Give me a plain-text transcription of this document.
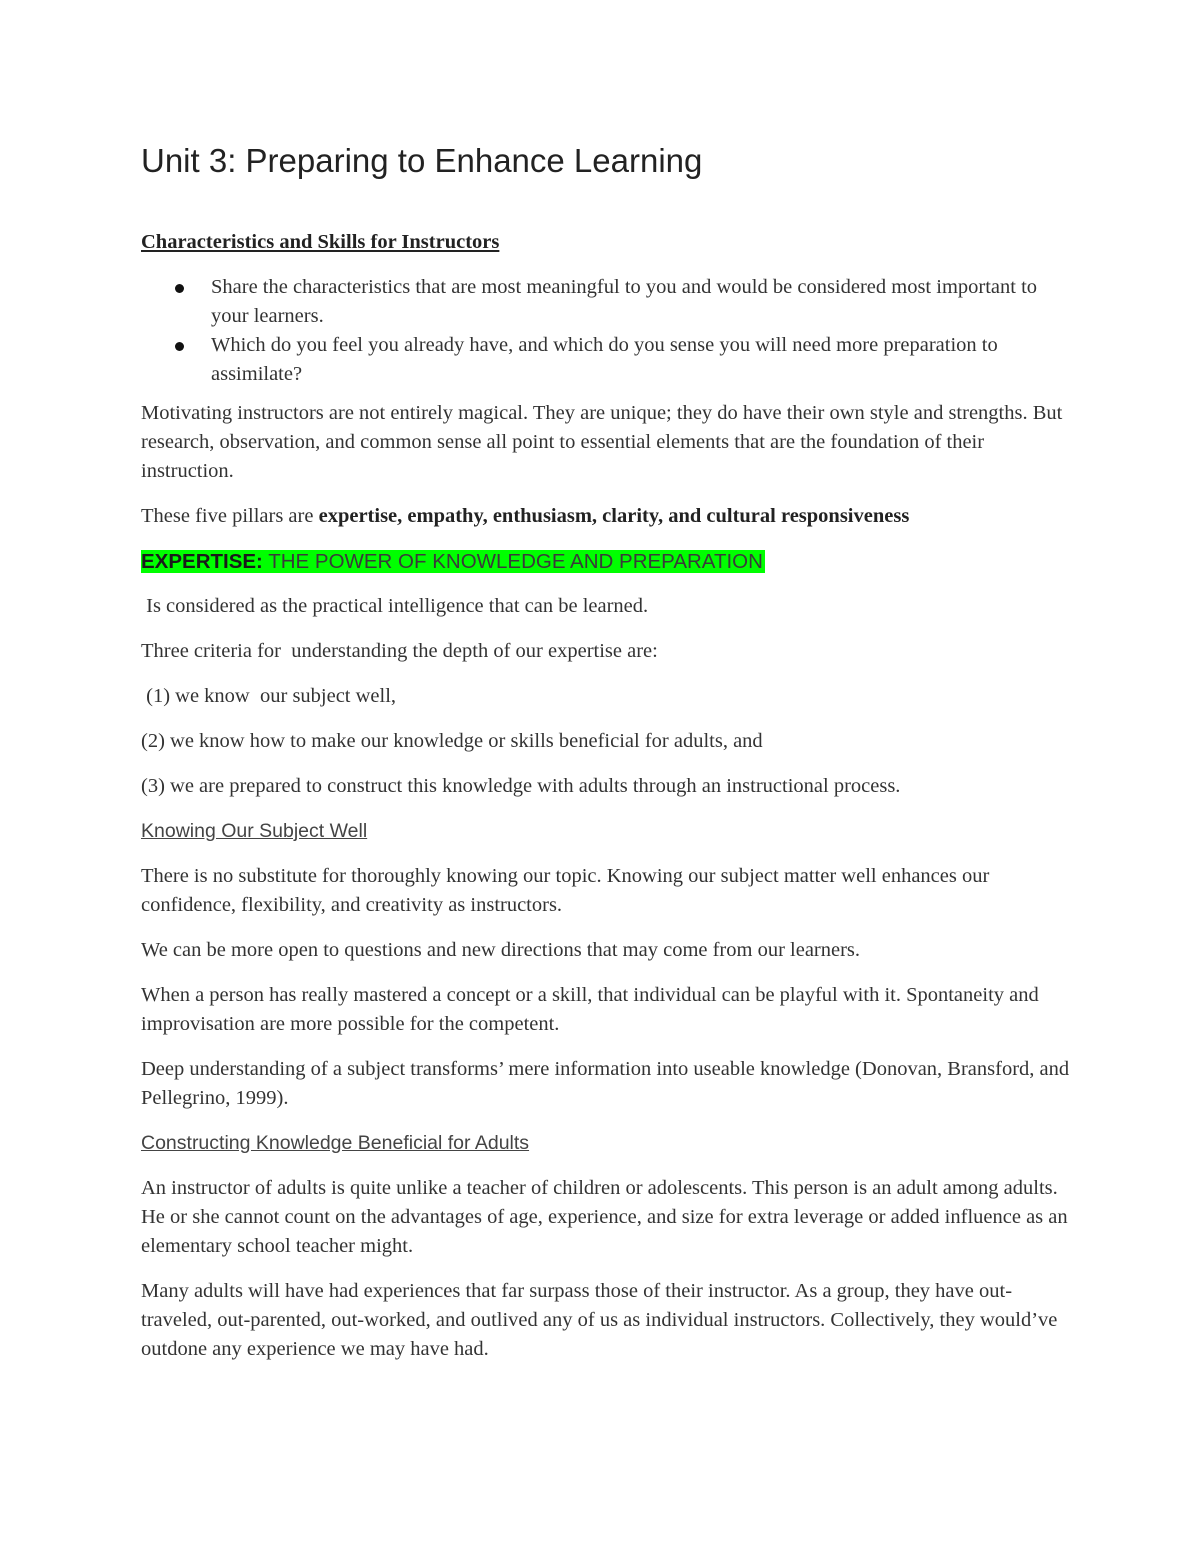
Unit 3: Preparing to Enhance Learning

Characteristics and Skills for Instructors

Share the characteristics that are most meaningful to you and would be considered most important to your learners.
Which do you feel you already have, and which do you sense you will need more preparation to assimilate?

Motivating instructors are not entirely magical. They are unique; they do have their own style and strengths. But research, observation, and common sense all point to essential elements that are the foundation of their instruction.

These five pillars are expertise, empathy, enthusiasm, clarity, and cultural responsiveness

EXPERTISE: THE POWER OF KNOWLEDGE AND PREPARATION

Is considered as the practical intelligence that can be learned.

Three criteria for  understanding the depth of our expertise are:

(1) we know  our subject well,

(2) we know how to make our knowledge or skills beneficial for adults, and

(3) we are prepared to construct this knowledge with adults through an instructional process.

Knowing Our Subject Well

There is no substitute for thoroughly knowing our topic. Knowing our subject matter well enhances our confidence, flexibility, and creativity as instructors.

We can be more open to questions and new directions that may come from our learners.

When a person has really mastered a concept or a skill, that individual can be playful with it. Spontaneity and improvisation are more possible for the competent.

Deep understanding of a subject transforms’ mere information into useable knowledge (Donovan, Bransford, and Pellegrino, 1999).

Constructing Knowledge Beneficial for Adults

An instructor of adults is quite unlike a teacher of children or adolescents. This person is an adult among adults. He or she cannot count on the advantages of age, experience, and size for extra leverage or added influence as an elementary school teacher might.

Many adults will have had experiences that far surpass those of their instructor. As a group, they have out-traveled, out-parented, out-worked, and outlived any of us as individual instructors. Collectively, they would’ve outdone any experience we may have had.
